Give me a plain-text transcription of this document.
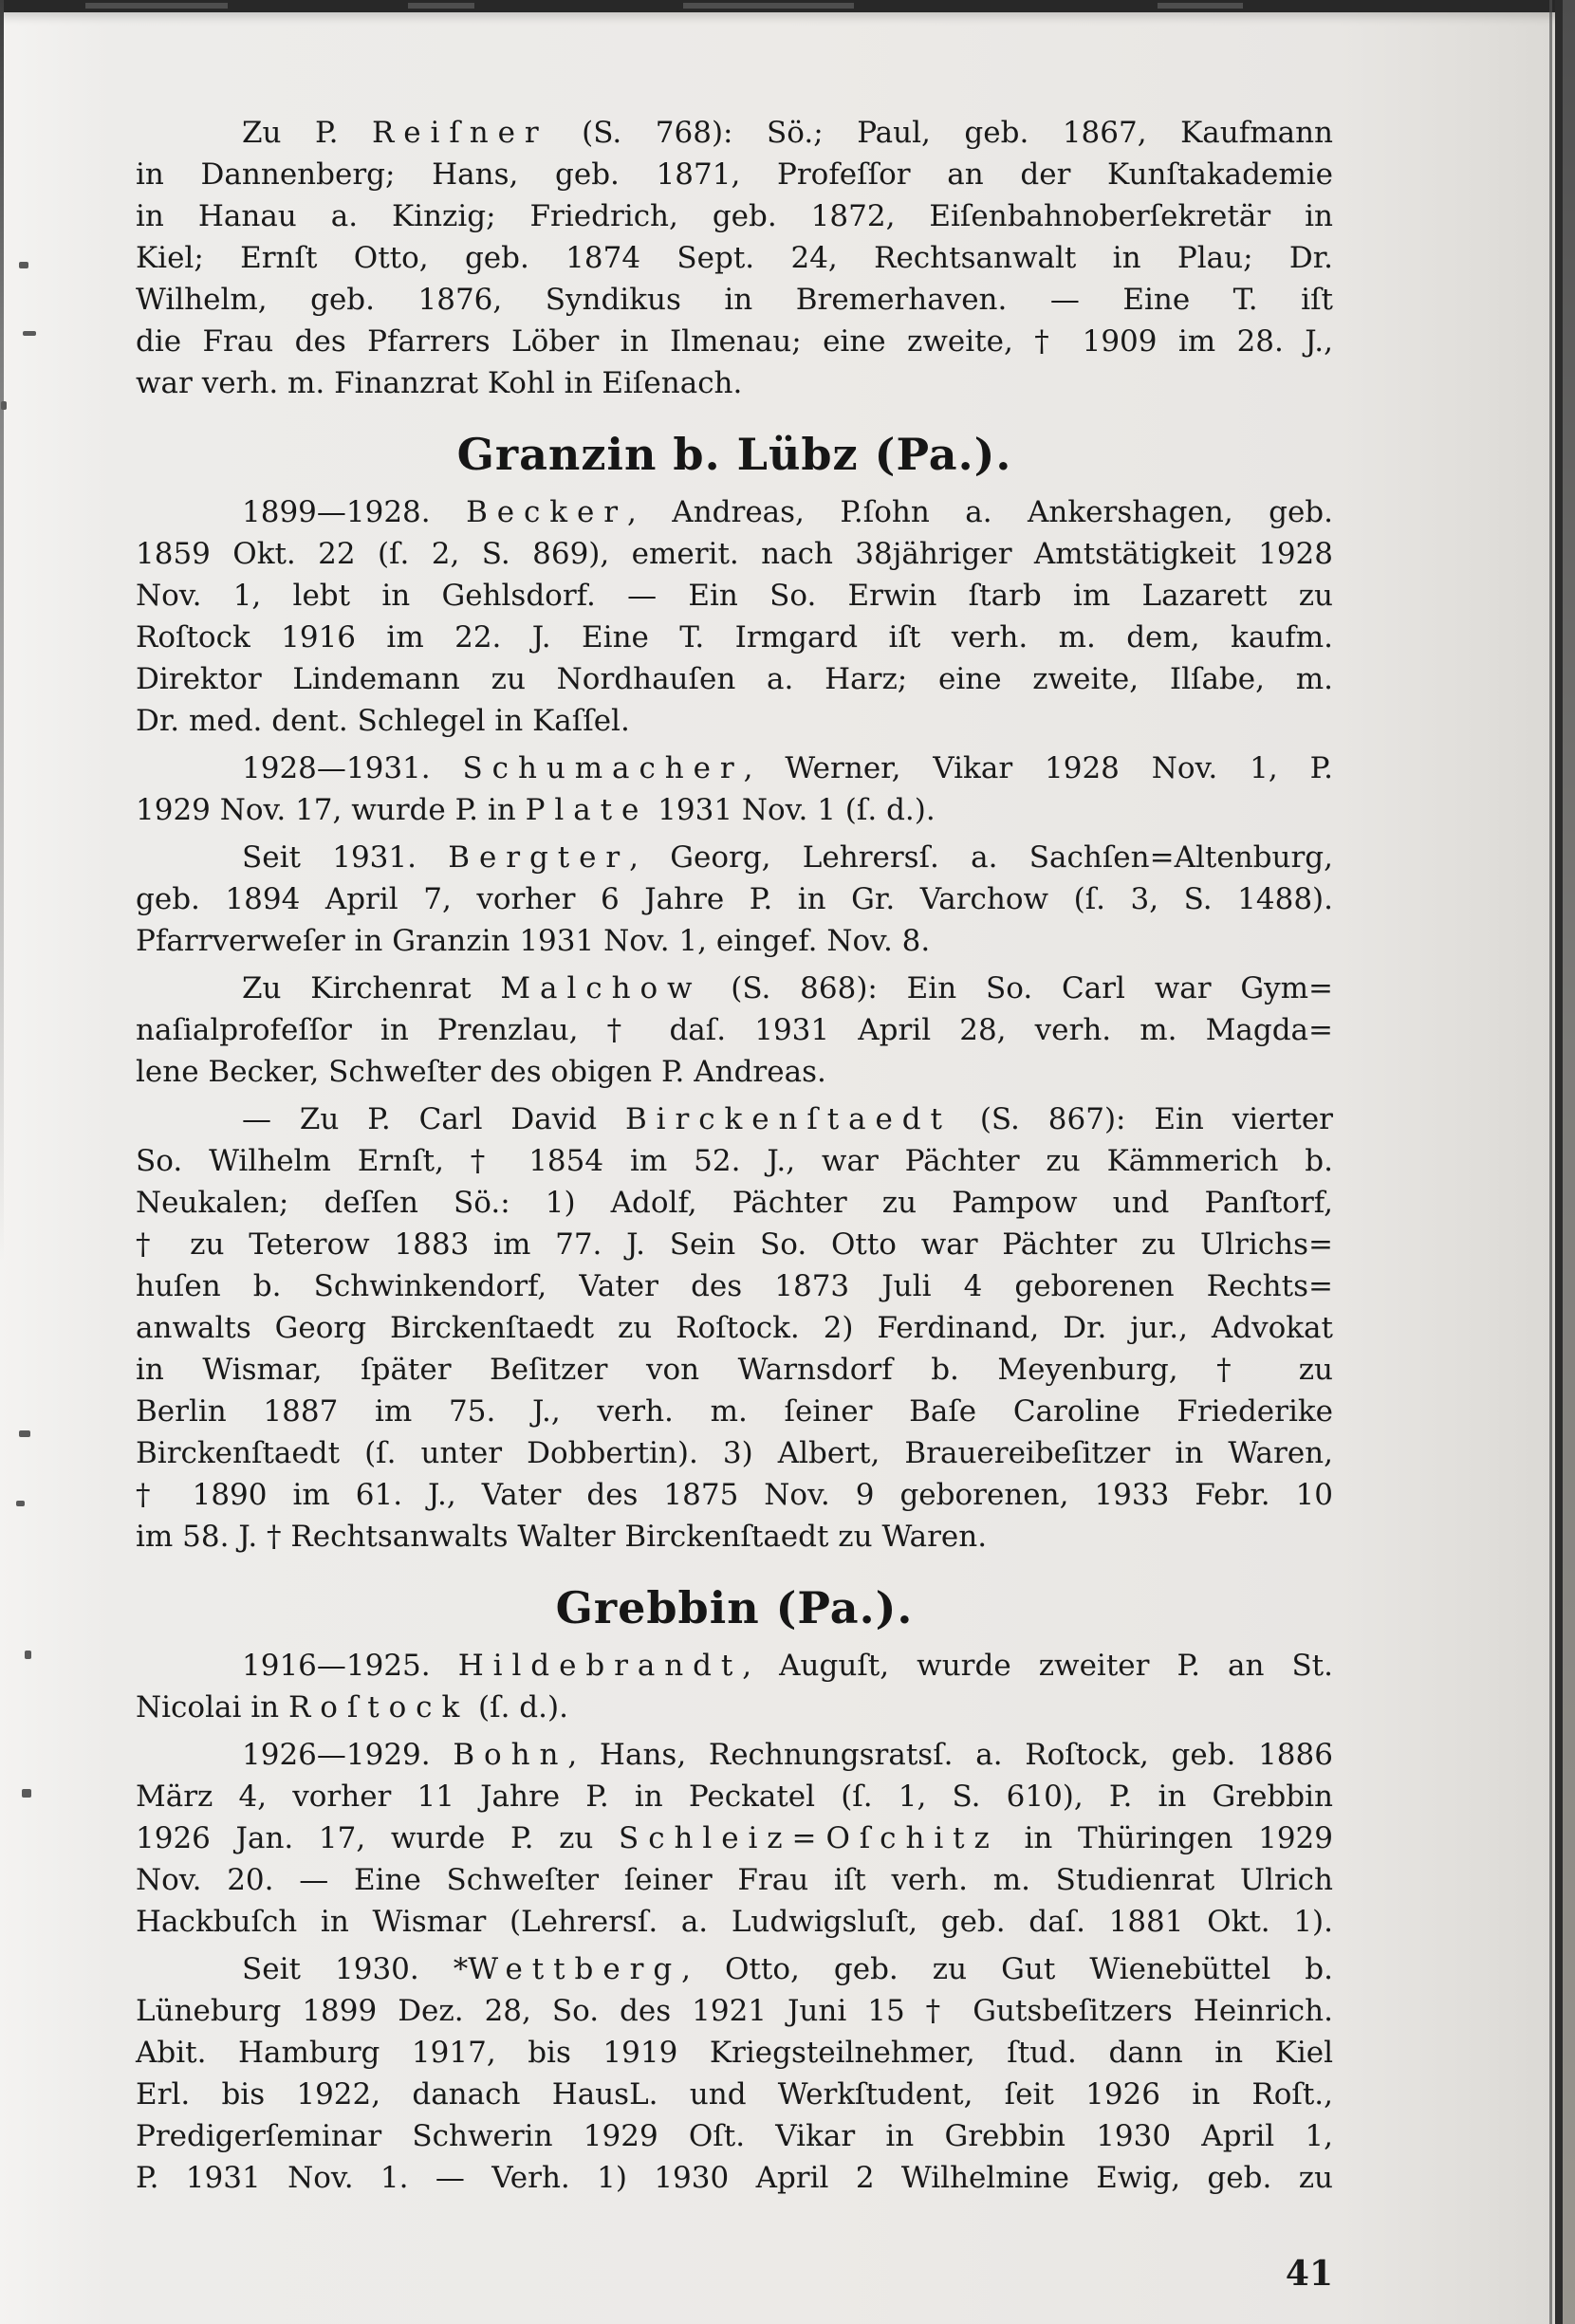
Zu P. Reiſner (S. 768): Sö.; Paul, geb. 1867, Kaufmann
in Dannenberg; Hans, geb. 1871, Profeſſor an der Kunſtakademie
in Hanau a. Kinzig; Friedrich, geb. 1872, Eiſenbahnoberſekretär in
Kiel; Ernſt Otto, geb. 1874 Sept. 24, Rechtsanwalt in Plau; Dr.
Wilhelm, geb. 1876, Syndikus in Bremerhaven. — Eine T. iſt
die Frau des Pfarrers Löber in Ilmenau; eine zweite, † 1909 im 28. J.,
war verh. m. Finanzrat Kohl in Eiſenach.
Granzin b. Lübz (Pa.).
1899—1928. Becker, Andreas, P.ſohn a. Ankershagen, geb.
1859 Okt. 22 (ſ. 2, S. 869), emerit. nach 38jähriger Amtstätigkeit 1928
Nov. 1, lebt in Gehlsdorf. — Ein So. Erwin ſtarb im Lazarett zu
Roſtock 1916 im 22. J. Eine T. Irmgard iſt verh. m. dem, kaufm.
Direktor Lindemann zu Nordhauſen a. Harz; eine zweite, Ilſabe, m.
Dr. med. dent. Schlegel in Kaſſel.
1928—1931. Schumacher, Werner, Vikar 1928 Nov. 1, P.
1929 Nov. 17, wurde P. in Plate 1931 Nov. 1 (ſ. d.).
Seit 1931. Bergter, Georg, Lehrersſ. a. Sachſen=Altenburg,
geb. 1894 April 7, vorher 6 Jahre P. in Gr. Varchow (ſ. 3, S. 1488).
Pfarrverweſer in Granzin 1931 Nov. 1, eingef. Nov. 8.
Zu Kirchenrat Malchow (S. 868): Ein So. Carl war Gym=
naſialprofeſſor in Prenzlau, † daſ. 1931 April 28, verh. m. Magda=
lene Becker, Schweſter des obigen P. Andreas.
— Zu P. Carl David Birckenſtaedt (S. 867): Ein vierter
So. Wilhelm Ernſt, † 1854 im 52. J., war Pächter zu Kämmerich b.
Neukalen; deſſen Sö.: 1) Adolf, Pächter zu Pampow und Panſtorf,
† zu Teterow 1883 im 77. J. Sein So. Otto war Pächter zu Ulrichs=
huſen b. Schwinkendorf, Vater des 1873 Juli 4 geborenen Rechts=
anwalts Georg Birckenſtaedt zu Roſtock. 2) Ferdinand, Dr. jur., Advokat
in Wismar, ſpäter Beſitzer von Warnsdorf b. Meyenburg, † zu
Berlin 1887 im 75. J., verh. m. ſeiner Baſe Caroline Friederike
Birckenſtaedt (ſ. unter Dobbertin). 3) Albert, Brauereibeſitzer in Waren,
† 1890 im 61. J., Vater des 1875 Nov. 9 geborenen, 1933 Febr. 10
im 58. J. † Rechtsanwalts Walter Birckenſtaedt zu Waren.
Grebbin (Pa.).
1916—1925. Hildebrandt, Auguſt, wurde zweiter P. an St.
Nicolai in Roſtock (ſ. d.).
1926—1929. Bohn, Hans, Rechnungsratsſ. a. Roſtock, geb. 1886
März 4, vorher 11 Jahre P. in Peckatel (ſ. 1, S. 610), P. in Grebbin
1926 Jan. 17, wurde P. zu Schleiz=Oſchitz in Thüringen 1929
Nov. 20. — Eine Schweſter ſeiner Frau iſt verh. m. Studienrat Ulrich
Hackbuſch in Wismar (Lehrersſ. a. Ludwigsluſt, geb. daſ. 1881 Okt. 1).
Seit 1930. *Wettberg, Otto, geb. zu Gut Wienebüttel b.
Lüneburg 1899 Dez. 28, So. des 1921 Juni 15 † Gutsbeſitzers Heinrich.
Abit. Hamburg 1917, bis 1919 Kriegsteilnehmer, ſtud. dann in Kiel
Erl. bis 1922, danach HausL. und Werkſtudent, ſeit 1926 in Roſt.,
Predigerſeminar Schwerin 1929 Oſt. Vikar in Grebbin 1930 April 1,
P. 1931 Nov. 1. — Verh. 1) 1930 April 2 Wilhelmine Ewig, geb. zu
41
